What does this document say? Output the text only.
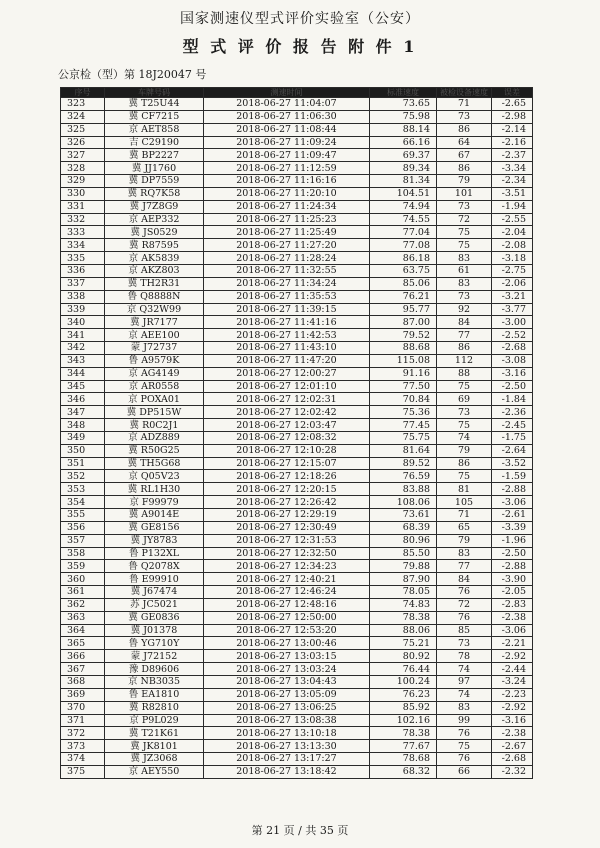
国家测速仪型式评价实验室（公安）
型 式 评 价 报 告 附 件 1
公京检（型）第 18J20047 号
序号	车牌号码	测速时间	标准速度	被检设备速度	误差
323	冀 T25U44	2018-06-27 11:04:07	73.65	71	-2.65
324	冀 CF7215	2018-06-27 11:06:30	75.98	73	-2.98
325	京 AET858	2018-06-27 11:08:44	88.14	86	-2.14
326	吉 C29190	2018-06-27 11:09:24	66.16	64	-2.16
327	冀 BP2227	2018-06-27 11:09:47	69.37	67	-2.37
328	冀 JJ1760	2018-06-27 11:12:59	89.34	86	-3.34
329	冀 DP7559	2018-06-27 11:16:16	81.34	79	-2.34
330	冀 RQ7K58	2018-06-27 11:20:10	104.51	101	-3.51
331	冀 J7Z8G9	2018-06-27 11:24:34	74.94	73	-1.94
332	京 AEP332	2018-06-27 11:25:23	74.55	72	-2.55
333	冀 JS0529	2018-06-27 11:25:49	77.04	75	-2.04
334	冀 R87595	2018-06-27 11:27:20	77.08	75	-2.08
335	京 AK5839	2018-06-27 11:28:24	86.18	83	-3.18
336	京 AKZ803	2018-06-27 11:32:55	63.75	61	-2.75
337	冀 TH2R31	2018-06-27 11:34:24	85.06	83	-2.06
338	鲁 Q8888N	2018-06-27 11:35:53	76.21	73	-3.21
339	京 Q32W99	2018-06-27 11:39:15	95.77	92	-3.77
340	冀 JR7177	2018-06-27 11:41:16	87.00	84	-3.00
341	京 AEE100	2018-06-27 11:42:53	79.52	77	-2.52
342	蒙 J72737	2018-06-27 11:43:10	88.68	86	-2.68
343	鲁 A9579K	2018-06-27 11:47:20	115.08	112	-3.08
344	京 AG4149	2018-06-27 12:00:27	91.16	88	-3.16
345	京 AR0558	2018-06-27 12:01:10	77.50	75	-2.50
346	京 POXA01	2018-06-27 12:02:31	70.84	69	-1.84
347	冀 DP515W	2018-06-27 12:02:42	75.36	73	-2.36
348	冀 R0C2J1	2018-06-27 12:03:47	77.45	75	-2.45
349	京 ADZ889	2018-06-27 12:08:32	75.75	74	-1.75
350	冀 R50G25	2018-06-27 12:10:28	81.64	79	-2.64
351	冀 TH5G68	2018-06-27 12:15:07	89.52	86	-3.52
352	京 Q05V23	2018-06-27 12:18:26	76.59	75	-1.59
353	冀 RL1H30	2018-06-27 12:20:15	83.88	81	-2.88
354	京 F99979	2018-06-27 12:26:42	108.06	105	-3.06
355	冀 A9014E	2018-06-27 12:29:19	73.61	71	-2.61
356	冀 GE8156	2018-06-27 12:30:49	68.39	65	-3.39
357	冀 JY8783	2018-06-27 12:31:53	80.96	79	-1.96
358	鲁 P132XL	2018-06-27 12:32:50	85.50	83	-2.50
359	鲁 Q2078X	2018-06-27 12:34:23	79.88	77	-2.88
360	鲁 E99910	2018-06-27 12:40:21	87.90	84	-3.90
361	冀 J67474	2018-06-27 12:46:24	78.05	76	-2.05
362	苏 JC5021	2018-06-27 12:48:16	74.83	72	-2.83
363	冀 GE0836	2018-06-27 12:50:00	78.38	76	-2.38
364	冀 J01378	2018-06-27 12:53:20	88.06	85	-3.06
365	鲁 YG710Y	2018-06-27 13:00:46	75.21	73	-2.21
366	蒙 J72152	2018-06-27 13:03:15	80.92	78	-2.92
367	豫 D89606	2018-06-27 13:03:24	76.44	74	-2.44
368	京 NB3035	2018-06-27 13:04:43	100.24	97	-3.24
369	鲁 EA1810	2018-06-27 13:05:09	76.23	74	-2.23
370	冀 R82810	2018-06-27 13:06:25	85.92	83	-2.92
371	京 P9L029	2018-06-27 13:08:38	102.16	99	-3.16
372	冀 T21K61	2018-06-27 13:10:18	78.38	76	-2.38
373	冀 JK8101	2018-06-27 13:13:30	77.67	75	-2.67
374	冀 JZ3068	2018-06-27 13:17:27	78.68	76	-2.68
375	京 AEY550	2018-06-27 13:18:42	68.32	66	-2.32
第 21 页 / 共 35 页
